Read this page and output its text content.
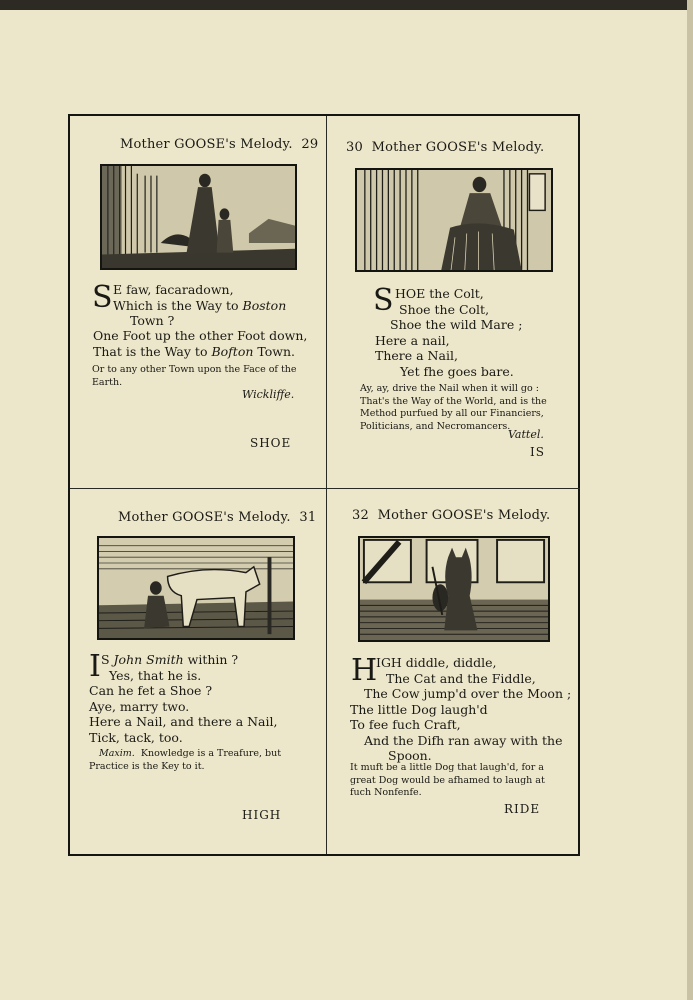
Mother GOOSE's Melody. 29
S E faw, facaradown,
Which is the Way to Boston
Town ?
One Foot up the other Foot down,
That is the Way to Bofton Town.
Or to any other Town upon the Face of the Earth.
Wickliffe.
SHOE
30 Mother GOOSE's Melody.
S HOE the Colt,
Shoe the Colt,
Shoe the wild Mare ;
Here a nail,
There a Nail,
Yet fhe goes bare.
Ay, ay, drive the Nail when it will go : That's the Way of the World, and is the Method purfued by all our Financiers, Politicians, and Necromancers.
Vattel.
IS
Mother GOOSE's Melody. 31
I S John Smith within ?
Yes, that he is.
Can he fet a Shoe ?
Aye, marry two.
Here a Nail, and there a Nail,
Tick, tack, too.
Maxim. Knowledge is a Treafure, but Practice is the Key to it.
HIGH
32 Mother GOOSE's Melody.
H
IGH diddle, diddle,
The Cat and the Fiddle,
The Cow jump'd over the Moon ;
The little Dog laugh'd
To fee fuch Craft,
And the Difh ran away with the
Spoon.
It muft be a little Dog that laugh'd, for a great Dog would be afhamed to laugh at fuch Nonfenfe.
RIDE
